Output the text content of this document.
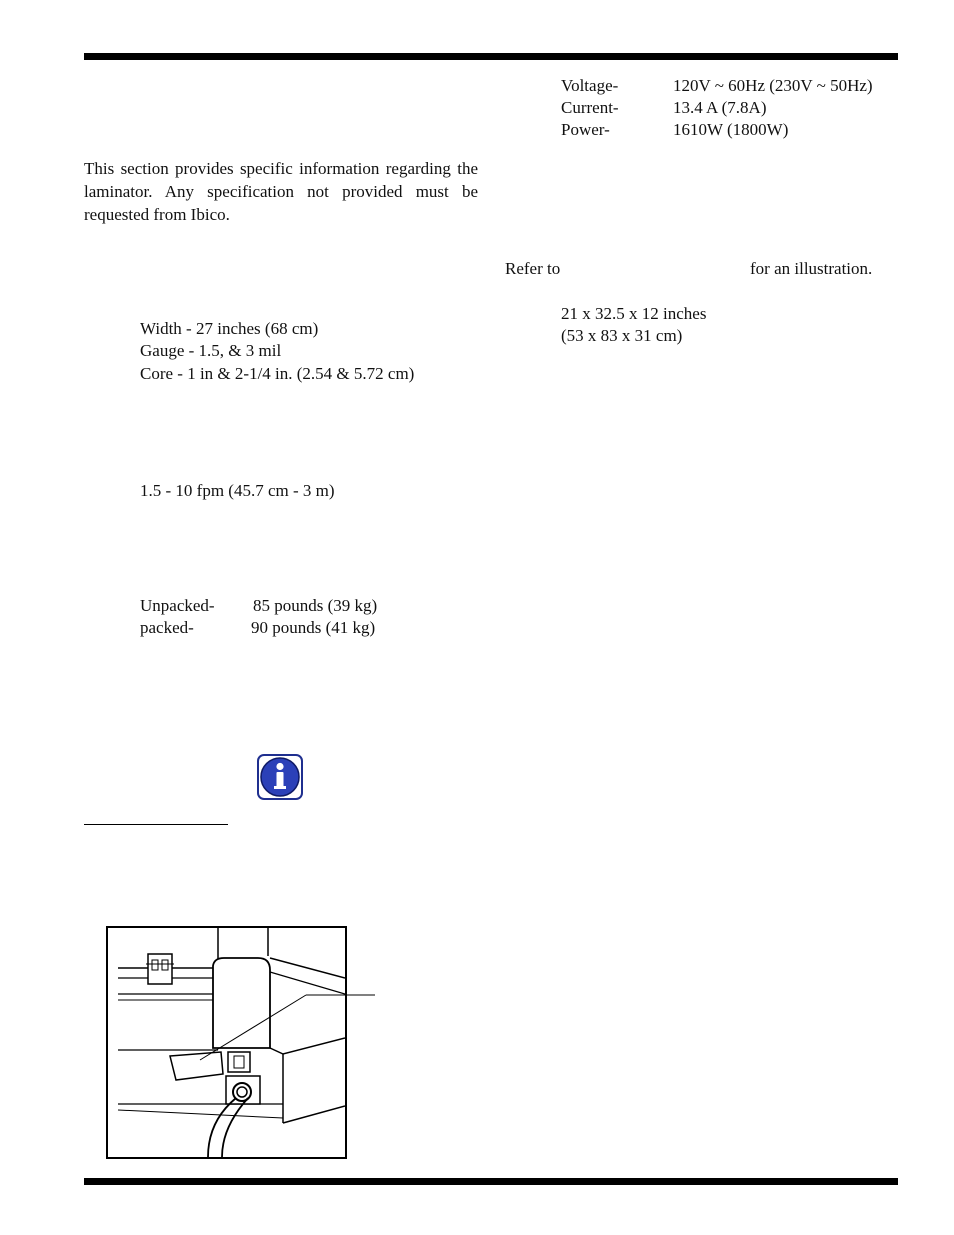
Voltage-	120V ~ 60Hz (230V ~ 50Hz)
Current-	13.4 A (7.8A)
Power-	1610W (1800W)
This section provides specific information regarding the laminator. Any specification not provided must be requested from Ibico.
Refer to	for an illustration.
21 x 32.5 x 12 inches
(53 x 83 x 31 cm)
Width - 27 inches (68 cm)
Gauge - 1.5, & 3 mil
Core - 1 in & 2-1/4 in. (2.54 & 5.72 cm)
1.5 - 10 fpm (45.7 cm - 3 m)
Unpacked- 85 pounds (39 kg)
packed-	90 pounds (41 kg)
